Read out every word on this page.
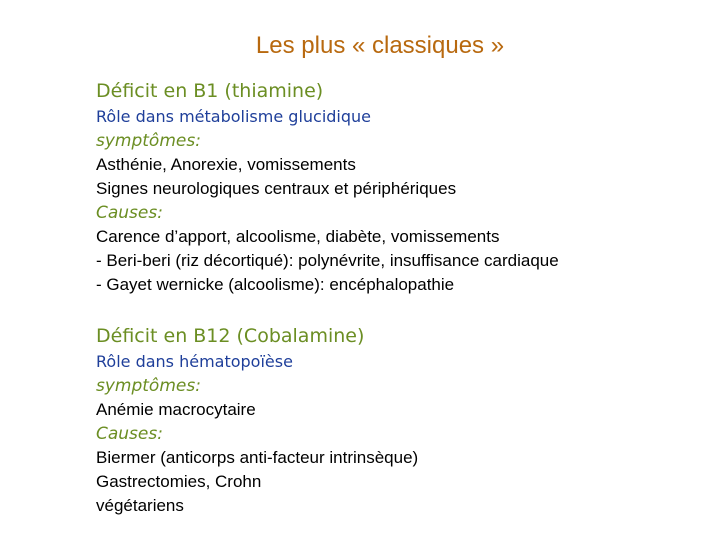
Les plus « classiques »
Déficit en B1 (thiamine)
Rôle dans métabolisme glucidique
symptômes:
Asthénie, Anorexie, vomissements
Signes neurologiques centraux et périphériques
Causes:
Carence d’apport, alcoolisme, diabète, vomissements
- Beri-beri (riz décortiqué): polynévrite, insuffisance cardiaque
- Gayet wernicke (alcoolisme): encéphalopathie
Déficit en B12 (Cobalamine)
Rôle dans hématopoïèse
symptômes:
Anémie macrocytaire
Causes:
Biermer (anticorps anti-facteur intrinsèque)
Gastrectomies, Crohn
végétariens
